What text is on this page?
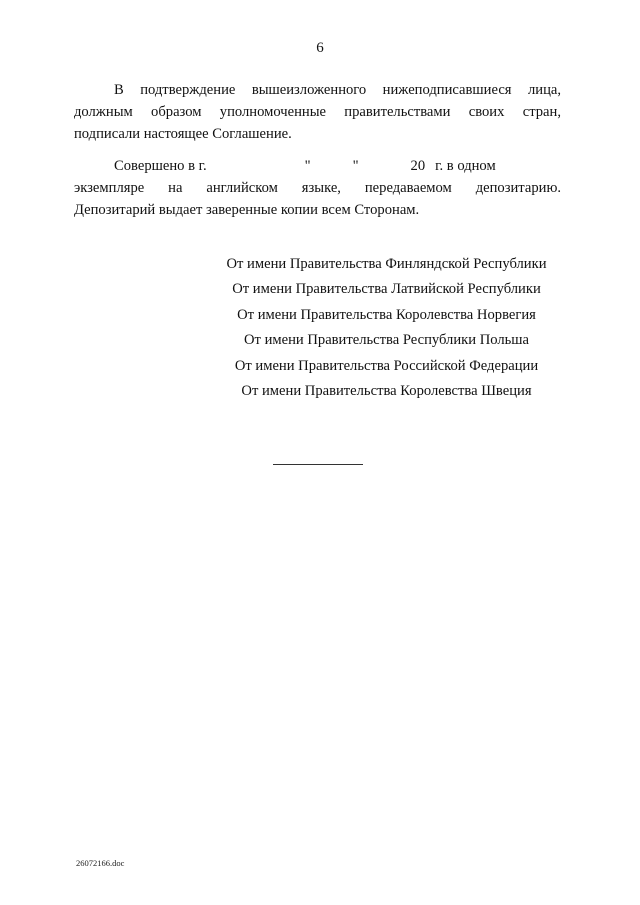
6

В подтверждение вышеизложенного нижеподписавшиеся лица,
должным образом уполномоченные правительствами своих стран,
подписали настоящее Соглашение.

Совершено в г.	"	"	20 г. в одном
экземпляре на английском языке, передаваемом депозитарию.
Депозитарий выдает заверенные копии всем Сторонам.

От имени Правительства Финляндской Республики
От имени Правительства Латвийской Республики
От имени Правительства Королевства Норвегия
От имени Правительства Республики Польша
От имени Правительства Российской Федерации
От имени Правительства Королевства Швеция
26072166.doc
